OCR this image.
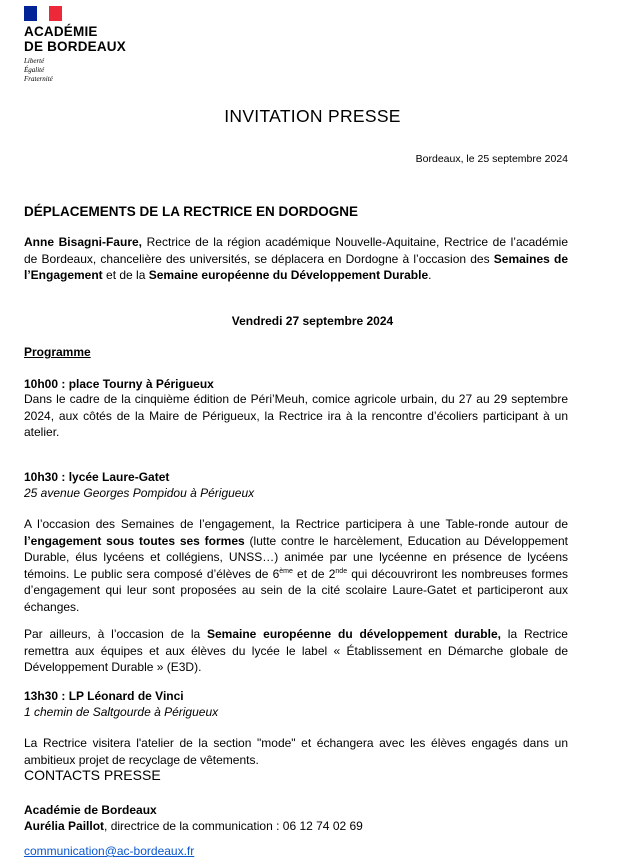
ACADÉMIE
DE BORDEAUX
Liberté
Égalité
Fraternité
INVITATION PRESSE
Bordeaux, le 25 septembre 2024
DÉPLACEMENTS DE LA RECTRICE EN DORDOGNE
Anne Bisagni-Faure, Rectrice de la région académique Nouvelle-Aquitaine, Rectrice de l’académie de Bordeaux, chancelière des universités, se déplacera en Dordogne à l’occasion des Semaines de l’Engagement et de la Semaine européenne du Développement Durable.
Vendredi 27 septembre 2024
Programme
10h00 : place Tourny à Périgueux
Dans le cadre de la cinquième édition de Péri’Meuh, comice agricole urbain, du 27 au 29 septembre 2024, aux côtés de la Maire de Périgueux, la Rectrice ira à la rencontre d’écoliers participant à un atelier.
10h30 : lycée Laure-Gatet
25 avenue Georges Pompidou à Périgueux
A l’occasion des Semaines de l’engagement, la Rectrice participera à une Table-ronde autour de l’engagement sous toutes ses formes (lutte contre le harcèlement, Education au Développement Durable, élus lycéens et collégiens, UNSS…) animée par une lycéenne en présence de lycéens témoins. Le public sera composé d’élèves de 6ème et de 2nde qui découvriront les nombreuses formes d’engagement qui leur sont proposées au sein de la cité scolaire Laure-Gatet et participeront aux échanges.
Par ailleurs, à l’occasion de la Semaine européenne du développement durable, la Rectrice remettra aux équipes et aux élèves du lycée le label « Établissement en Démarche globale de Développement Durable » (E3D).
13h30 : LP Léonard de Vinci
1 chemin de Saltgourde à Périgueux
La Rectrice visitera l'atelier de la section "mode" et échangera avec les élèves engagés dans un ambitieux projet de recyclage de vêtements.
CONTACTS PRESSE
Académie de Bordeaux
Aurélia Paillot, directrice de la communication : 06 12 74 02 69
communication@ac-bordeaux.fr
